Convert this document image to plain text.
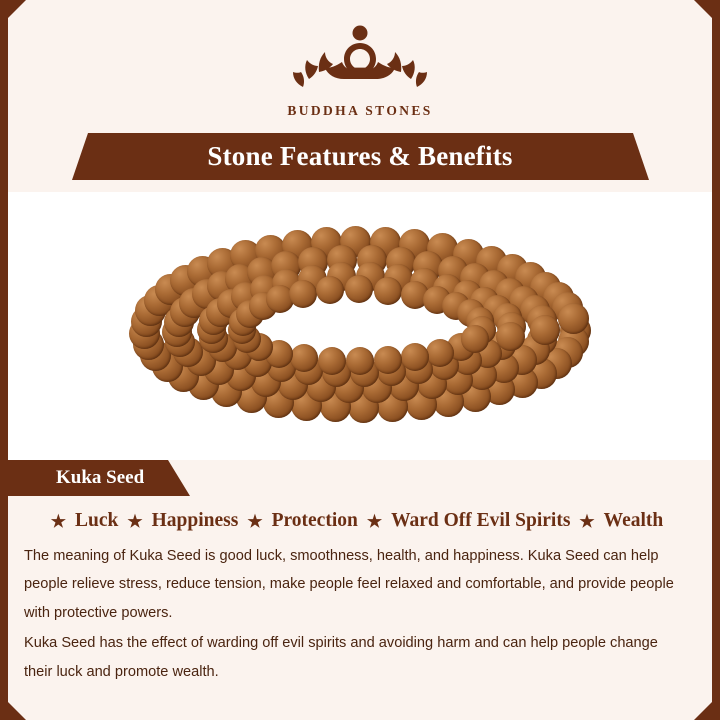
BUDDHA STONES
Stone Features & Benefits
Kuka Seed
★ Luck ★ Happiness ★ Protection ★ Ward Off Evil Spirits ★ Wealth

The meaning of Kuka Seed is good luck, smoothness, health, and happiness. Kuka Seed can help people relieve stress, reduce tension, make people feel relaxed and comfortable, and provide people with protective powers.

Kuka Seed has the effect of warding off evil spirits and avoiding harm and can help people change their luck and promote wealth.
